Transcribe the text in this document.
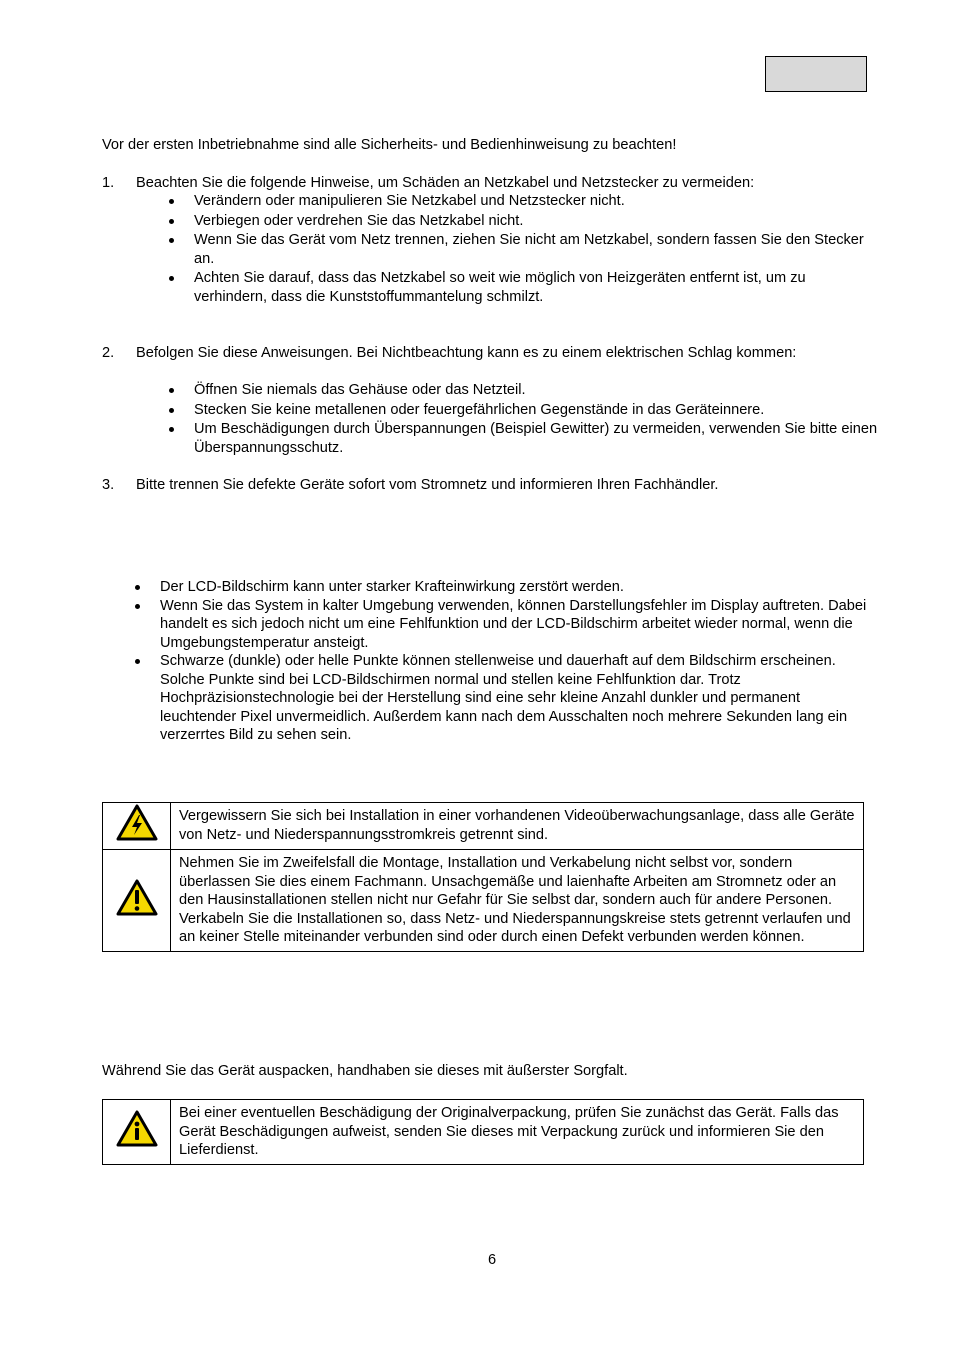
Vor der ersten Inbetriebnahme sind alle Sicherheits- und Bedienhinweisung zu beachten!
1.	Beachten Sie die folgende Hinweise, um Schäden an Netzkabel und Netzstecker zu vermeiden:
Verändern oder manipulieren Sie Netzkabel und Netzstecker nicht.
Verbiegen oder verdrehen Sie das Netzkabel nicht.
Wenn Sie das Gerät vom Netz trennen, ziehen Sie nicht am Netzkabel, sondern fassen Sie den Stecker an.
Achten Sie darauf, dass das Netzkabel so weit wie möglich von Heizgeräten entfernt ist, um zu verhindern, dass die Kunststoffummantelung schmilzt.
2.	Befolgen Sie diese Anweisungen. Bei Nichtbeachtung kann es zu einem elektrischen Schlag kommen:
Öffnen Sie niemals das Gehäuse oder das Netzteil.
Stecken Sie keine metallenen oder feuergefährlichen Gegenstände in das Geräteinnere.
Um Beschädigungen durch Überspannungen (Beispiel Gewitter) zu vermeiden, verwenden Sie bitte einen Überspannungsschutz.
3.	Bitte trennen Sie defekte Geräte sofort vom Stromnetz und informieren Ihren Fachhändler.
Der LCD-Bildschirm kann unter starker Krafteinwirkung zerstört werden.
Wenn Sie das System in kalter Umgebung verwenden, können Darstellungsfehler im Display auftreten. Dabei handelt es sich jedoch nicht um eine Fehlfunktion und der LCD-Bildschirm arbeitet wieder normal, wenn die Umgebungstemperatur ansteigt.
Schwarze (dunkle) oder helle Punkte können stellenweise und dauerhaft auf dem Bildschirm erscheinen. Solche Punkte sind bei LCD-Bildschirmen normal und stellen keine Fehlfunktion dar. Trotz Hochpräzisionstechnologie bei der Herstellung sind eine sehr kleine Anzahl dunkler und permanent leuchtender Pixel unvermeidlich. Außerdem kann nach dem Ausschalten noch mehrere Sekunden lang ein verzerrtes Bild zu sehen sein.
	Vergewissern Sie sich bei Installation in einer vorhandenen Videoüberwachungsanlage, dass alle Geräte von Netz- und Niederspannungsstromkreis getrennt sind.

Nehmen Sie im Zweifelsfall die Montage, Installation und Verkabelung nicht selbst vor, sondern überlassen Sie dies einem Fachmann. Unsachgemäße und laienhafte Arbeiten am Stromnetz oder an den Hausinstallationen stellen nicht nur Gefahr für Sie selbst dar, sondern auch für andere Personen.
Verkabeln Sie die Installationen so, dass Netz- und Niederspannungskreise stets getrennt verlaufen und an keiner Stelle miteinander verbunden sind oder durch einen Defekt verbunden werden können.
Während Sie das Gerät auspacken, handhaben sie dieses mit äußerster Sorgfalt.
	Bei einer eventuellen Beschädigung der Originalverpackung, prüfen Sie zunächst das Gerät. Falls das Gerät Beschädigungen aufweist, senden Sie dieses mit Verpackung zurück und informieren Sie den Lieferdienst.
6
